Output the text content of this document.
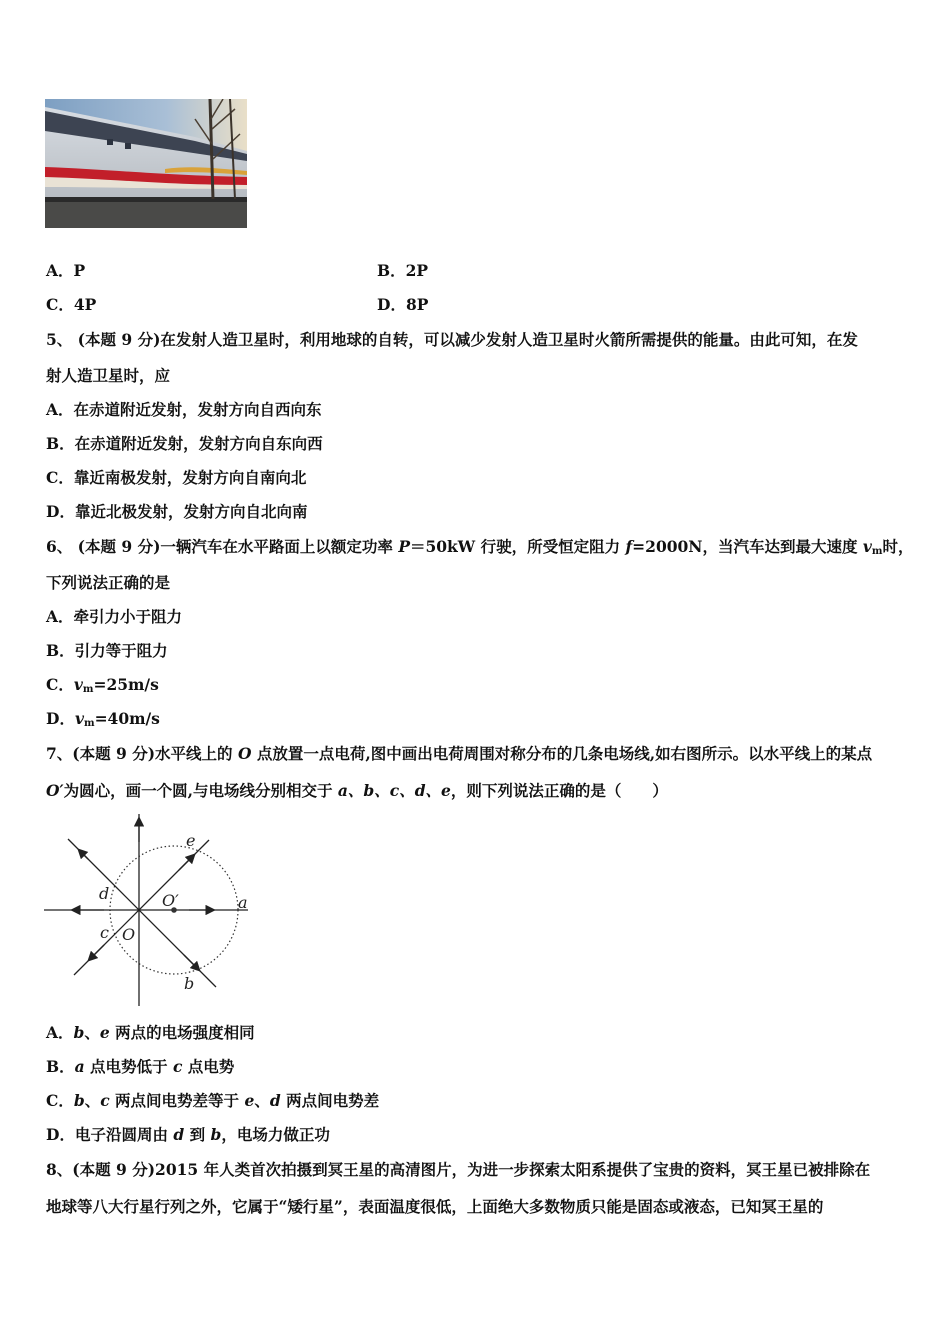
A．P	B．2P
C．4P	D．8P
5、 (本题 9 分)在发射人造卫星时，利用地球的自转，可以减少发射人造卫星时火箭所需提供的能量。由此可知，在发
射人造卫星时，应
A．在赤道附近发射，发射方向自西向东
B．在赤道附近发射，发射方向自东向西
C．靠近南极发射，发射方向自南向北
D．靠近北极发射，发射方向自北向南
6、 (本题 9 分)一辆汽车在水平路面上以额定功率 P＝50kW 行驶，所受恒定阻力 f=2000N，当汽车达到最大速度 $v_m$时，
下列说法正确的是
A．牵引力小于阻力
B．引力等于阻力
C．$v_m=25m/s$
D．$v_m=40m/s$
7、(本题 9 分)水平线上的 O 点放置一点电荷,图中画出电荷周围对称分布的几条电场线,如右图所示。以水平线上的某点
O′为圆心，画一个圆,与电场线分别相交于 a、b、c、d、e，则下列说法正确的是（　　）
a
b
c
d
e
O
O′
A．b、e 两点的电场强度相同
B．a 点电势低于 c 点电势
C．b、c 两点间电势差等于 e、d 两点间电势差
D．电子沿圆周由 d 到 b，电场力做正功
8、(本题 9 分)2015 年人类首次拍摄到冥王星的高清图片，为进一步探索太阳系提供了宝贵的资料，冥王星已被排除在
地球等八大行星行列之外，它属于“矮行星”，表面温度很低，上面绝大多数物质只能是固态或液态，已知冥王星的
